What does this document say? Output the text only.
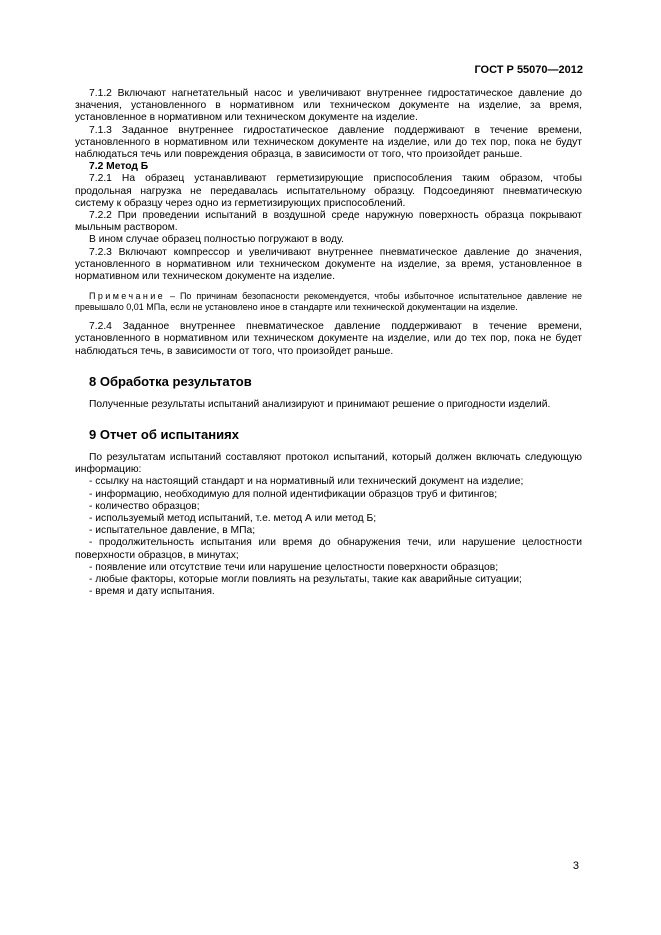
ГОСТ Р 55070—2012

7.1.2 Включают нагнетательный насос и увеличивают внутреннее гидростатическое давление до значения, установленного в нормативном или техническом документе на изделие, за время, установленное в нормативном или техническом документе на изделие.

7.1.3 Заданное внутреннее гидростатическое давление поддерживают в течение времени, установленного в нормативном или техническом документе на изделие, или до тех пор, пока не будут наблюдаться течь или повреждения образца, в зависимости от того, что произойдет раньше.

7.2 Метод Б

7.2.1 На образец устанавливают герметизирующие приспособления таким образом, чтобы продольная нагрузка не передавалась испытательному образцу. Подсоединяют пневматическую систему к образцу через одно из герметизирующих приспособлений.

7.2.2 При проведении испытаний в воздушной среде наружную поверхность образца покрывают мыльным раствором.

В ином случае образец полностью погружают в воду.

7.2.3 Включают компрессор и увеличивают внутреннее пневматическое давление до значения, установленного в нормативном или техническом документе на изделие, за время, установленное в нормативном или техническом документе на изделие.

Примечание – По причинам безопасности рекомендуется, чтобы избыточное испытательное давление не превышало 0,01 МПа, если не установлено иное в стандарте или технической документации на изделие.

7.2.4 Заданное внутреннее пневматическое давление поддерживают в течение времени, установленного в нормативном или техническом документе на изделие, или до тех пор, пока не будет наблюдаться течь, в зависимости от того, что произойдет раньше.

8 Обработка результатов

Полученные результаты испытаний анализируют и принимают решение о пригодности изделий.

9 Отчет об испытаниях

По результатам испытаний составляют протокол испытаний, который должен включать следующую информацию:

- ссылку на настоящий стандарт и на нормативный или технический документ на изделие;
- информацию, необходимую для полной идентификации образцов труб и фитингов;
- количество образцов;
- используемый метод испытаний, т.е. метод А или метод Б;
- испытательное давление, в МПа;
- продолжительность испытания или время до обнаружения течи, или нарушение целостности поверхности образцов, в минутах;
- появление или отсутствие течи или нарушение целостности поверхности образцов;
- любые факторы, которые могли повлиять на результаты, такие как аварийные ситуации;
- время и дату испытания.
3
